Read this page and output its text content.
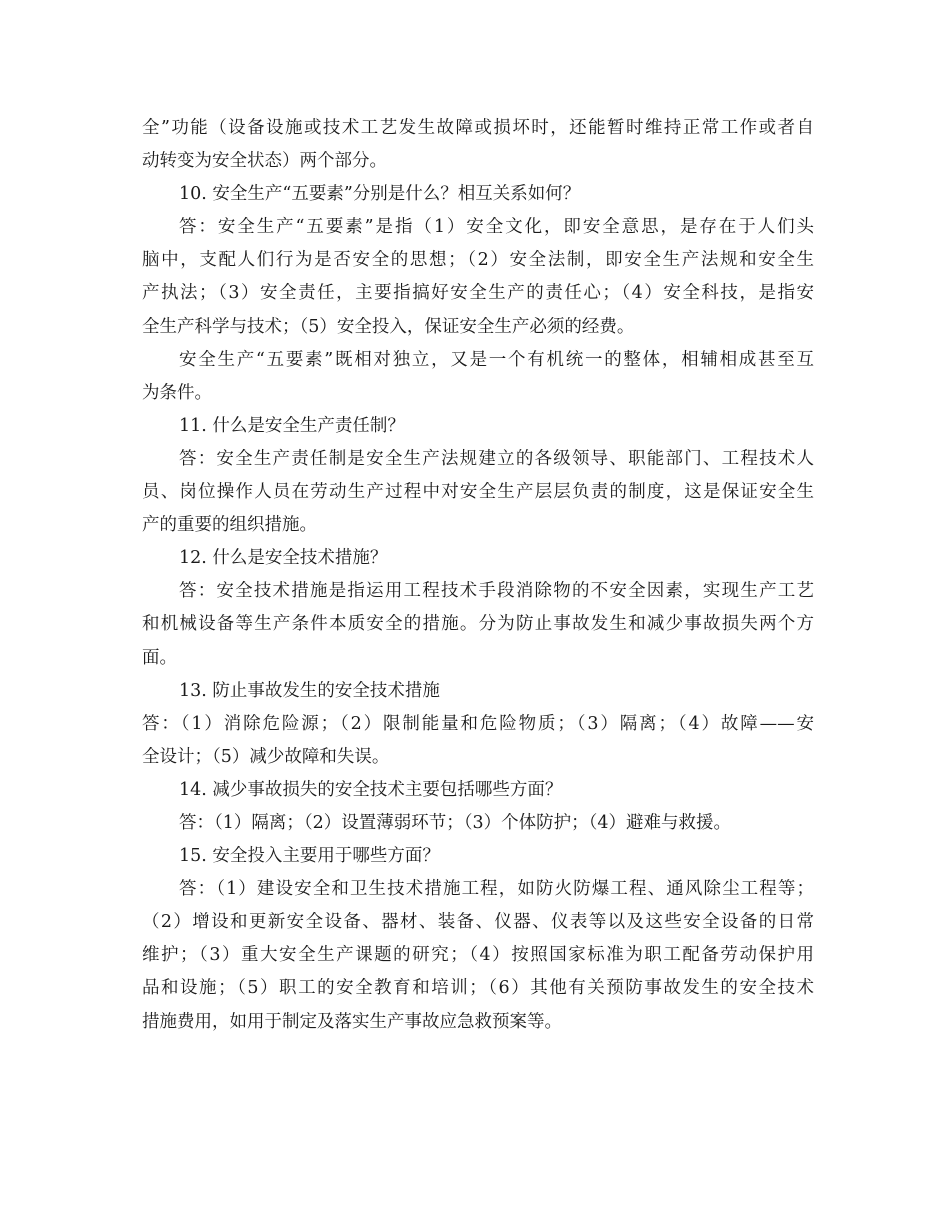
全”功能（设备设施或技术工艺发生故障或损坏时，还能暂时维持正常工作或者自
动转变为安全状态）两个部分。
10. 安全生产“五要素”分别是什么？相互关系如何？
答：安全生产“五要素”是指（1）安全文化，即安全意思，是存在于人们头
脑中，支配人们行为是否安全的思想；（2）安全法制，即安全生产法规和安全生
产执法；（3）安全责任，主要指搞好安全生产的责任心；（4）安全科技，是指安
全生产科学与技术；（5）安全投入，保证安全生产必须的经费。
安全生产“五要素”既相对独立，又是一个有机统一的整体，相辅相成甚至互
为条件。
11. 什么是安全生产责任制？
答：安全生产责任制是安全生产法规建立的各级领导、职能部门、工程技术人
员、岗位操作人员在劳动生产过程中对安全生产层层负责的制度，这是保证安全生
产的重要的组织措施。
12. 什么是安全技术措施？
答：安全技术措施是指运用工程技术手段消除物的不安全因素，实现生产工艺
和机械设备等生产条件本质安全的措施。分为防止事故发生和减少事故损失两个方
面。
13. 防止事故发生的安全技术措施
答：（1）消除危险源；（2）限制能量和危险物质；（3）隔离；（4）故障——安
全设计；（5）减少故障和失误。
14. 减少事故损失的安全技术主要包括哪些方面？
答：（1）隔离；（2）设置薄弱环节；（3）个体防护；（4）避难与救援。
15. 安全投入主要用于哪些方面？
答：（1）建设安全和卫生技术措施工程，如防火防爆工程、通风除尘工程等；
（2）增设和更新安全设备、器材、装备、仪器、仪表等以及这些安全设备的日常
维护；（3）重大安全生产课题的研究；（4）按照国家标准为职工配备劳动保护用
品和设施；（5）职工的安全教育和培训；（6）其他有关预防事故发生的安全技术
措施费用，如用于制定及落实生产事故应急救预案等。
